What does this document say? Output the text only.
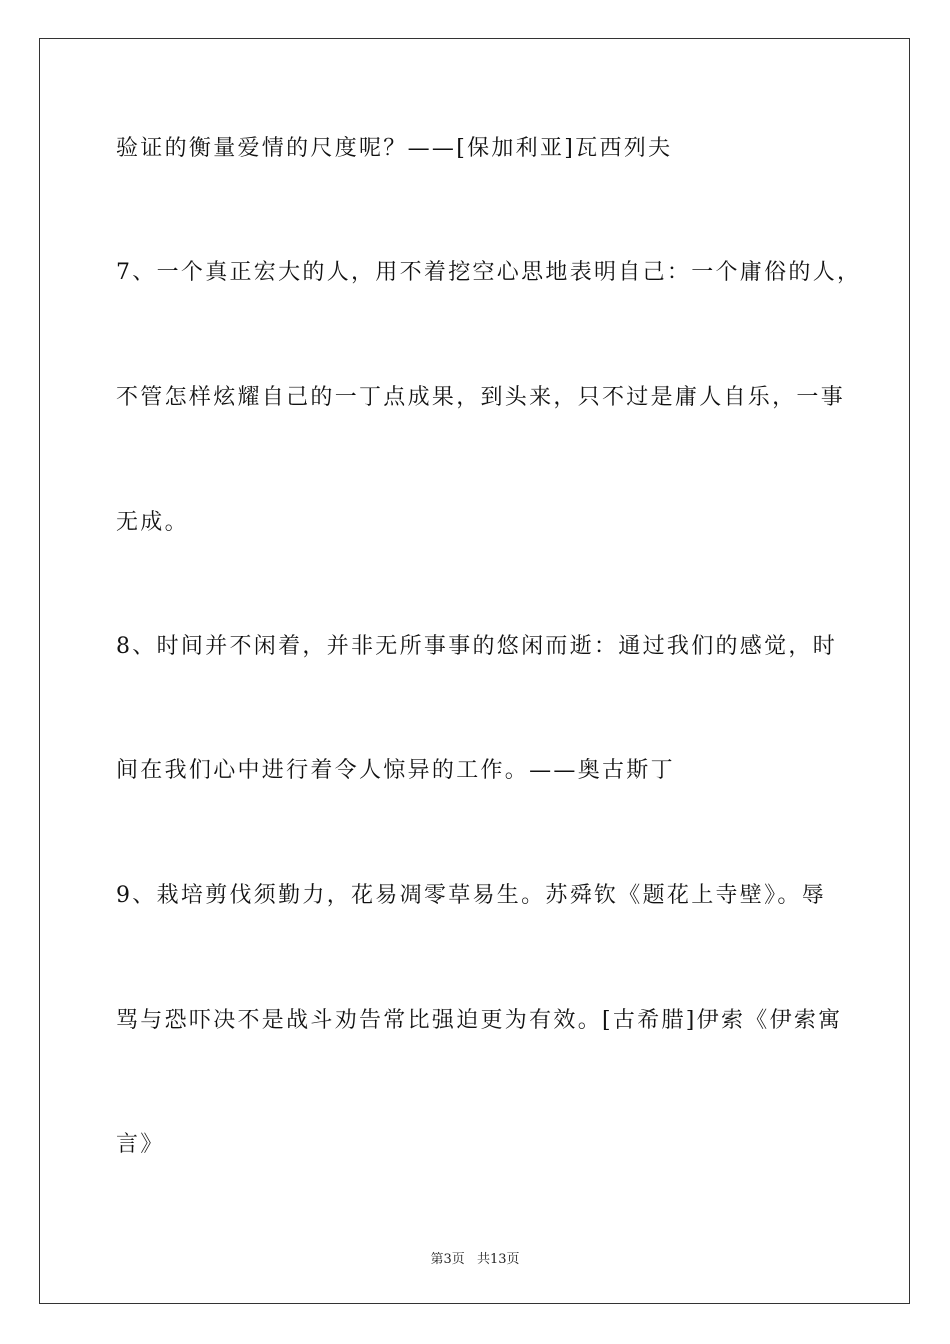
验证的衡量爱情的尺度呢？——[保加利亚]瓦西列夫
7、一个真正宏大的人，用不着挖空心思地表明自己：一个庸俗的人，
不管怎样炫耀自己的一丁点成果，到头来，只不过是庸人自乐，一事
无成。
8、时间并不闲着，并非无所事事的悠闲而逝：通过我们的感觉，时
间在我们心中进行着令人惊异的工作。——奥古斯丁
9、栽培剪伐须勤力，花易凋零草易生。苏舜钦《题花上寺壁》。辱
骂与恐吓决不是战斗劝告常比强迫更为有效。[古希腊]伊索《伊索寓
言》
第3页 共13页
